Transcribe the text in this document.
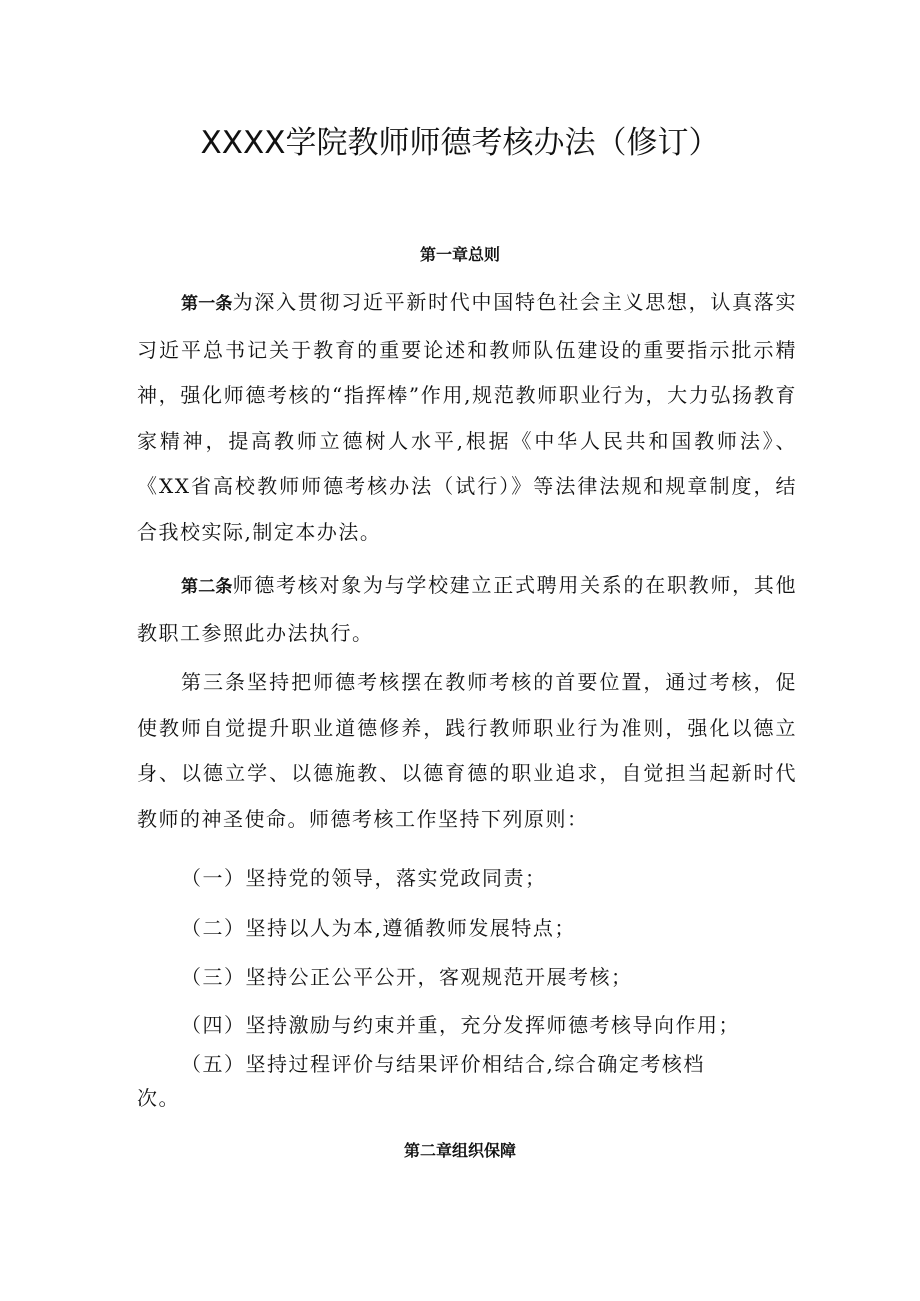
XXXX学院教师师德考核办法（修订）
第一章总则

第一条为深入贯彻习近平新时代中国特色社会主义思想，认真落实习近平总书记关于教育的重要论述和教师队伍建设的重要指示批示精神，强化师德考核的“指挥棒”作用,规范教师职业行为，大力弘扬教育家精神，提高教师立德树人水平,根据《中华人民共和国教师法》、《XX省高校教师师德考核办法（试行）》等法律法规和规章制度，结合我校实际,制定本办法。

第二条师德考核对象为与学校建立正式聘用关系的在职教师，其他教职工参照此办法执行。

第三条坚持把师德考核摆在教师考核的首要位置，通过考核，促使教师自觉提升职业道德修养，践行教师职业行为准则，强化以德立身、以德立学、以德施教、以德育德的职业追求，自觉担当起新时代教师的神圣使命。师德考核工作坚持下列原则：

（一）坚持党的领导，落实党政同责；

（二）坚持以人为本,遵循教师发展特点；

（三）坚持公正公平公开，客观规范开展考核；

（四）坚持激励与约束并重，充分发挥师德考核导向作用；

（五）坚持过程评价与结果评价相结合,综合确定考核档

次。

第二章组织保障
